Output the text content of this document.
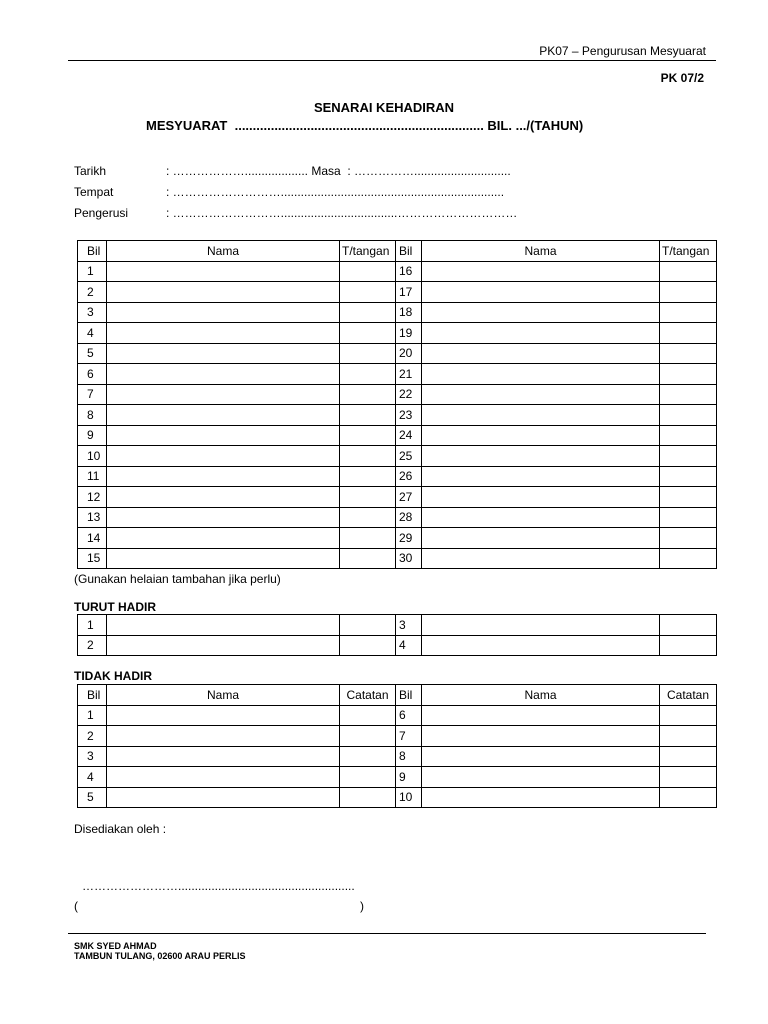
PK07 – Pengurusan Mesyuarat
PK 07/2
SENARAI KEHADIRAN
MESYUARAT  ..................................................................... BIL. .../(TAHUN)
Tarikh	: ………………................... Masa  : …………….............................
Tempat	: ………………………...................................................................
Pengerusi	: ………………………...................................…………………………
Bil	Nama	T/tangan	Bil	Nama	T/tangan
1			16		
2			17		
3			18		
4			19		
5			20		
6			21		
7			22		
8			23		
9			24		
10			25		
11			26		
12			27		
13			28		
14			29		
15			30		
(Gunakan helaian tambahan jika perlu)
TURUT HADIR
1			3		
2			4		
TIDAK HADIR
Bil	Nama	Catatan	Bil	Nama	Catatan
1			6		
2			7		
3			8		
4			9		
5			10		
Disediakan oleh :
…………………….....................................................
(	)
SMK SYED AHMAD
TAMBUN TULANG, 02600 ARAU PERLIS
